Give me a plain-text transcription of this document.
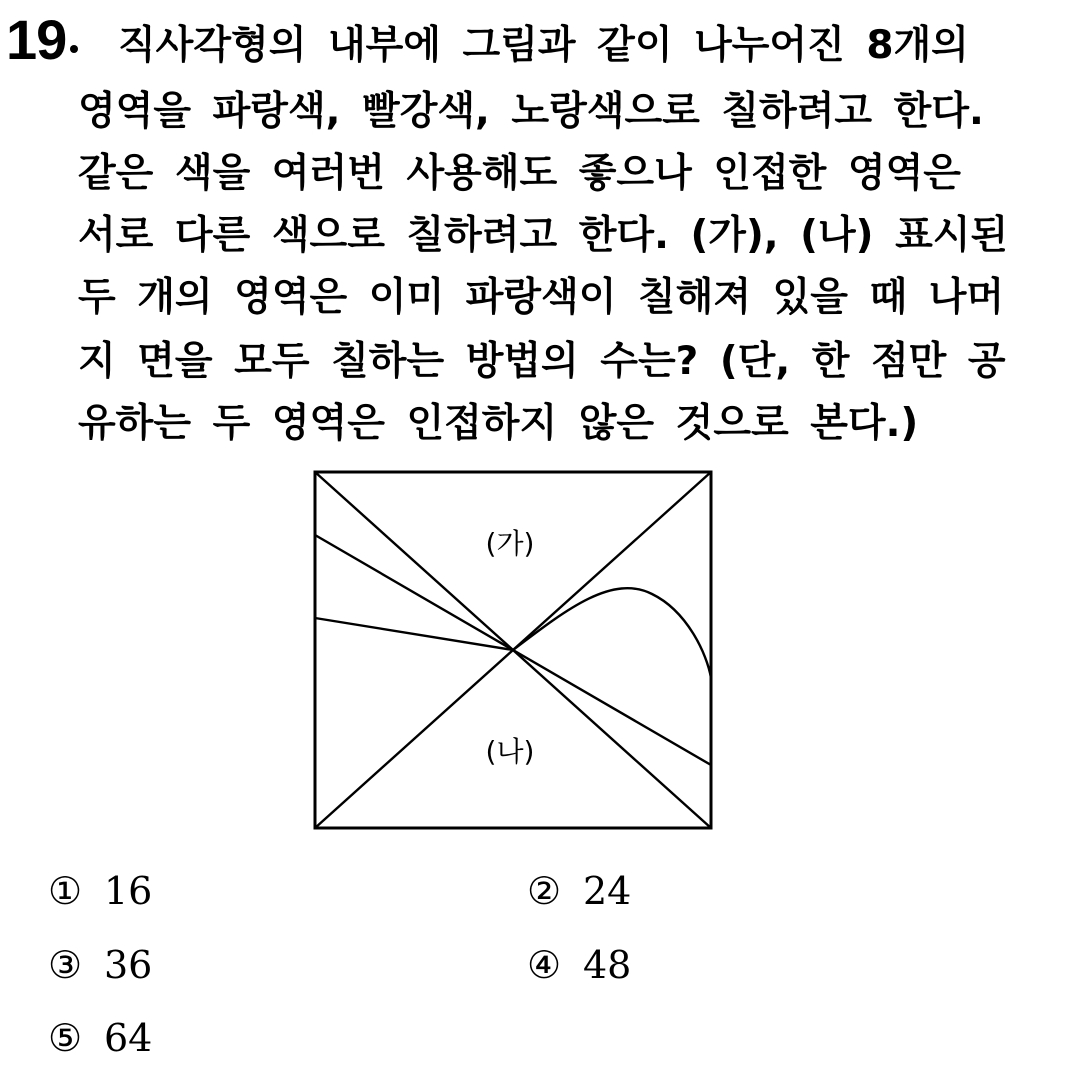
19	직사각형의 내부에 그림과 같이 나누어진 8개의
영역을 파랑색, 빨강색, 노랑색으로 칠하려고 한다.
같은 색을 여러번 사용해도 좋으나 인접한 영역은
서로 다른 색으로 칠하려고 한다. (가), (나) 표시된
두 개의 영역은 이미 파랑색이 칠해져 있을 때 나머
지 면을 모두 칠하는 방법의 수는? (단, 한 점만 공
유하는 두 영역은 인접하지 않은 것으로 본다.)
(가)
(나)
① 16	② 24
③ 36	④ 48
⑤ 64
